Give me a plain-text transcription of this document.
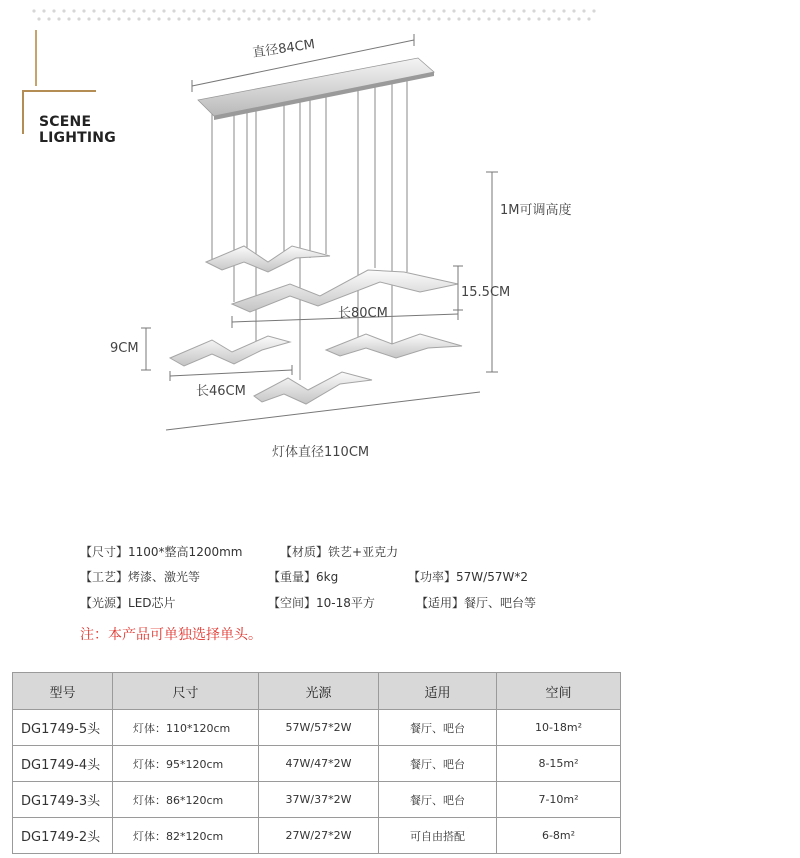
SCENE
LIGHTING
直径84CM
1M可调高度
15.5CM
长80CM
9CM
长46CM
灯体直径110CM
【尺寸】1100*整高1200mm	【材质】铁艺+亚克力
【工艺】烤漆、激光等	【重量】6kg	【功率】57W/57W*2
【光源】LED芯片	【空间】10-18平方	【适用】餐厅、吧台等
注：本产品可单独选择单头。
型号	尺寸	光源	适用	空间
DG1749-5头	灯体：110*120cm	57W/57*2W	餐厅、吧台	10-18m²
DG1749-4头	灯体：95*120cm	47W/47*2W	餐厅、吧台	8-15m²
DG1749-3头	灯体：86*120cm	37W/37*2W	餐厅、吧台	7-10m²
DG1749-2头	灯体：82*120cm	27W/27*2W	可自由搭配	6-8m²
